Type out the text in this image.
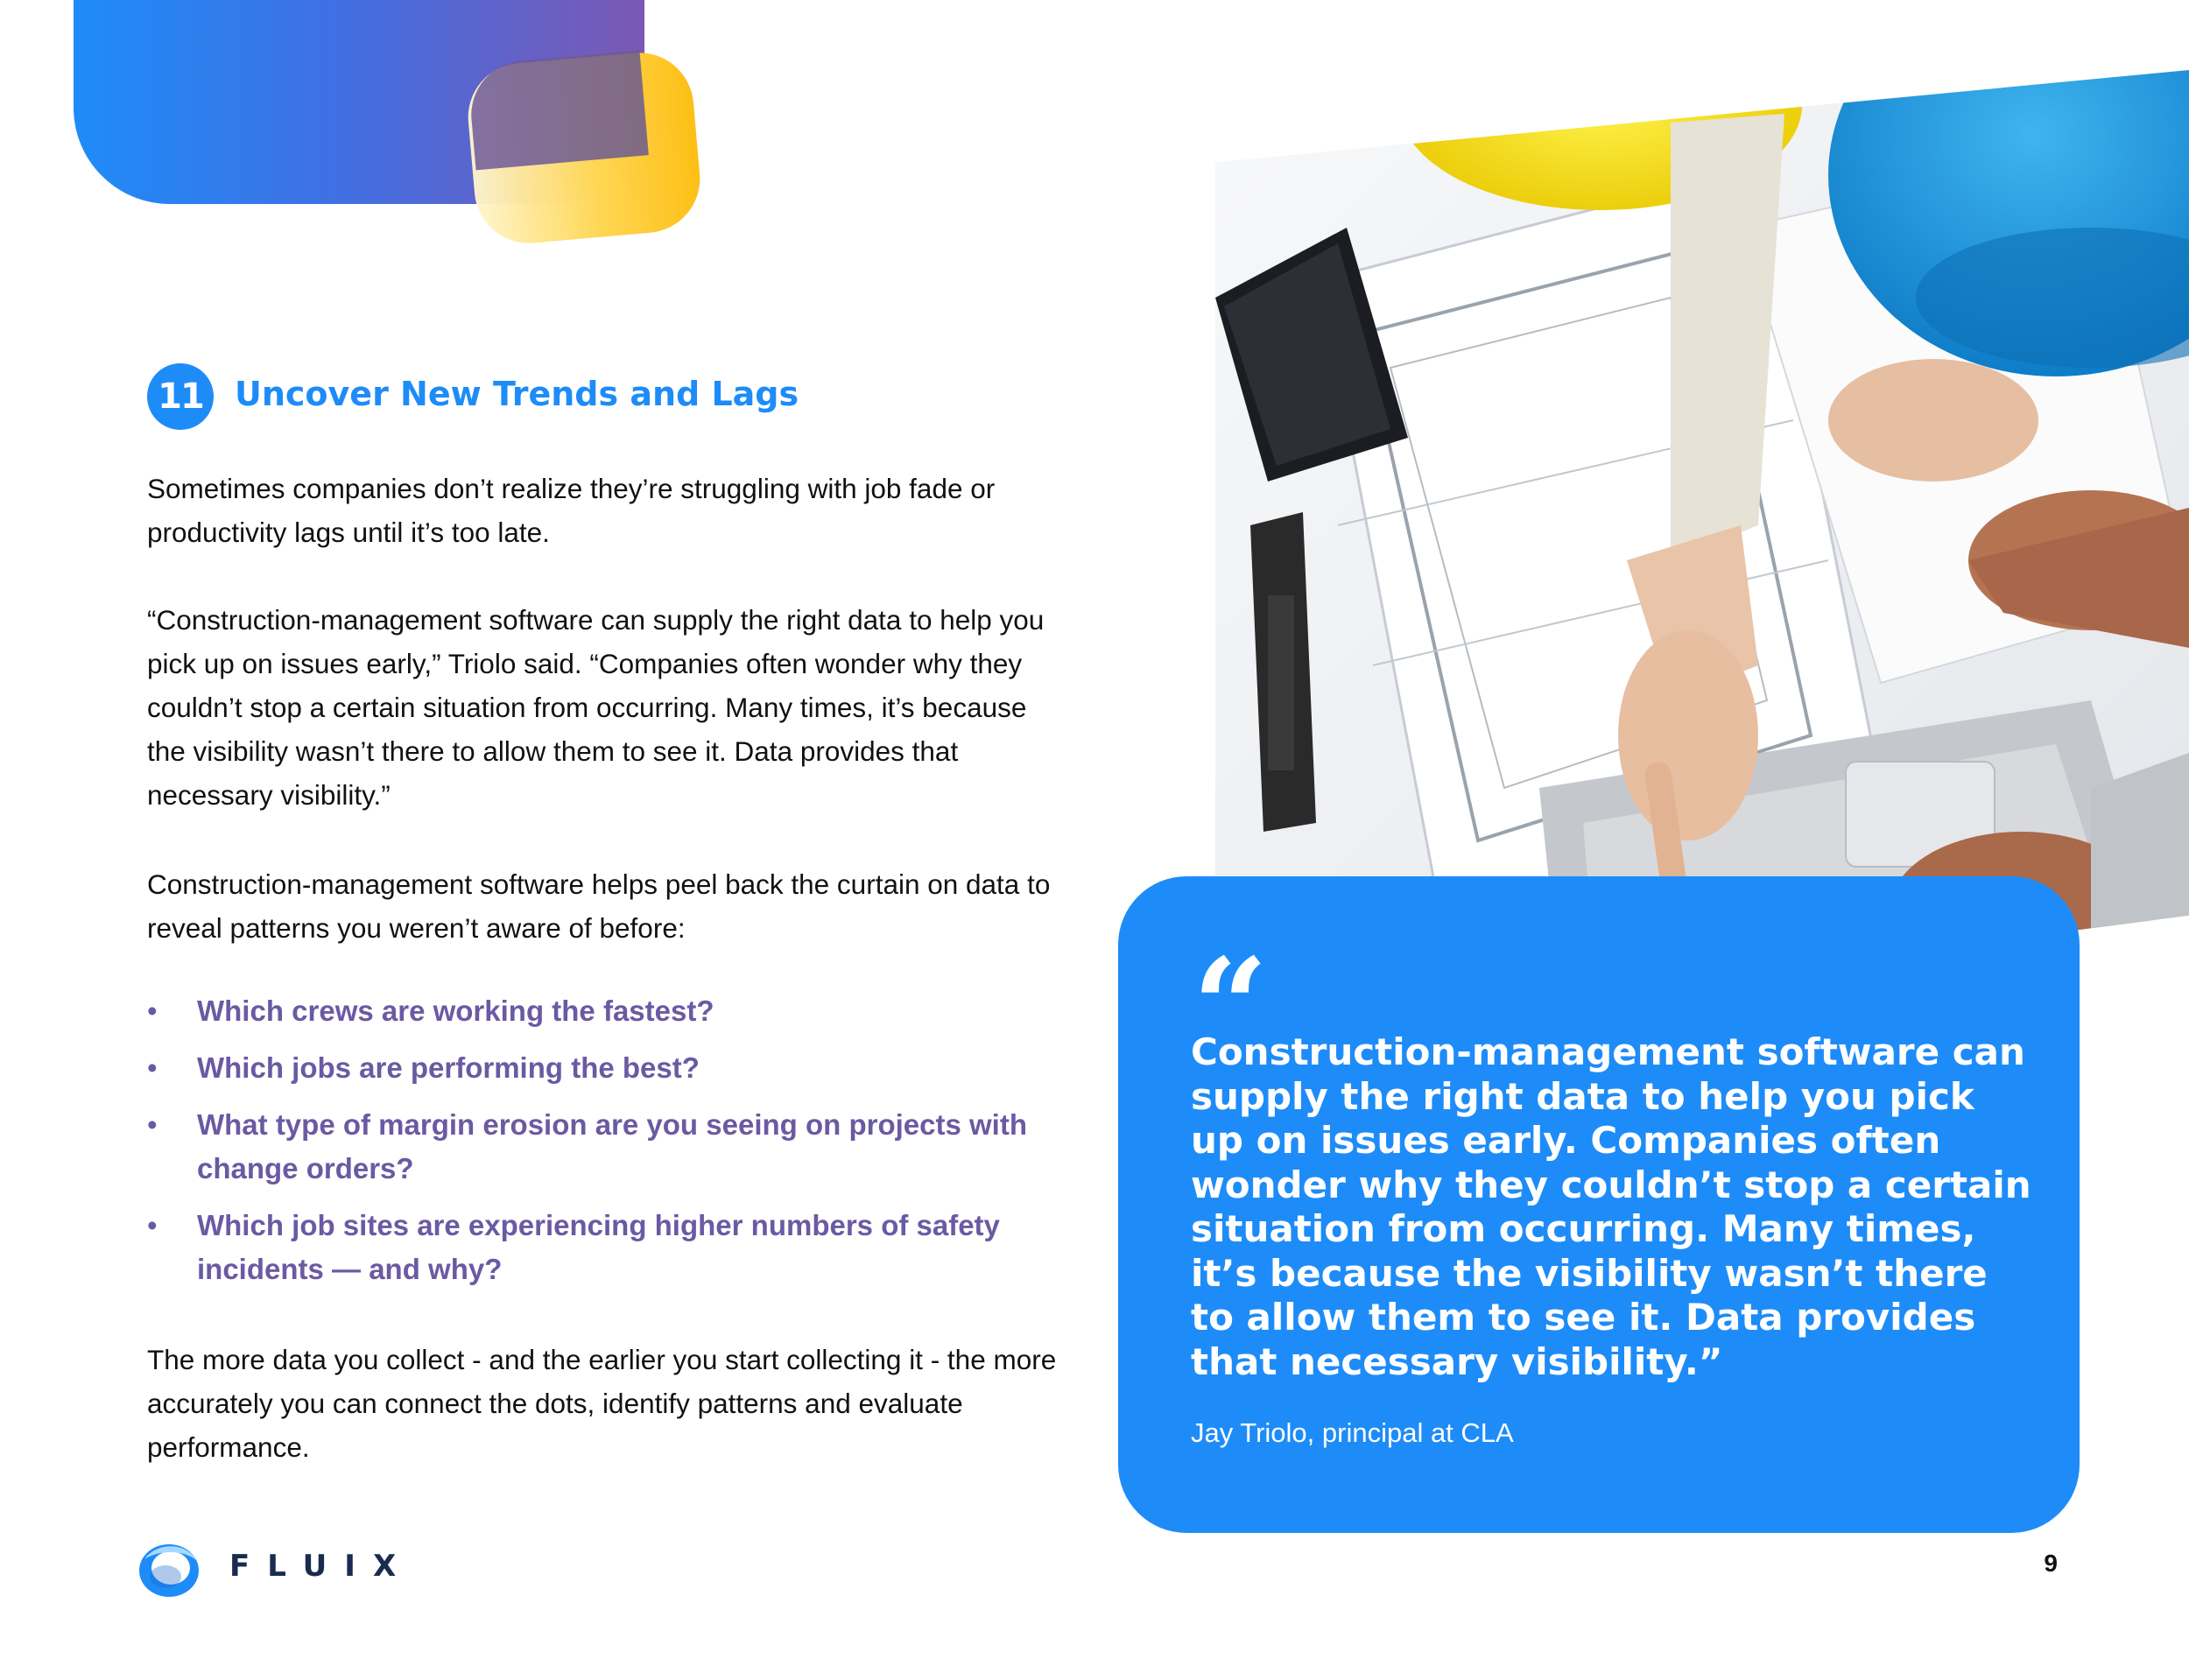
11 Uncover New Trends and Lags

Sometimes companies don’t realize they’re struggling with job fade or productivity lags until it’s too late.

“Construction-management software can supply the right data to help you pick up on issues early,” Triolo said. “Companies often wonder why they couldn’t stop a certain situation from occurring. Many times, it’s because the visibility wasn’t there to allow them to see it. Data provides that necessary visibility.”

Construction-management software helps peel back the curtain on data to reveal patterns you weren’t aware of before:

• Which crews are working the fastest?
• Which jobs are performing the best?
• What type of margin erosion are you seeing on projects with change orders?
• Which job sites are experiencing higher numbers of safety incidents — and why?

The more data you collect - and the earlier you start collecting it - the more accurately you can connect the dots, identify patterns and evaluate performance.

“

Construction-management software can supply the right data to help you pick up on issues early. Companies often wonder why they couldn’t stop a certain situation from occurring. Many times, it’s because the visibility wasn’t there to allow them to see it. Data provides that necessary visibility.”

Jay Triolo, principal at CLA
FLUIX	9
